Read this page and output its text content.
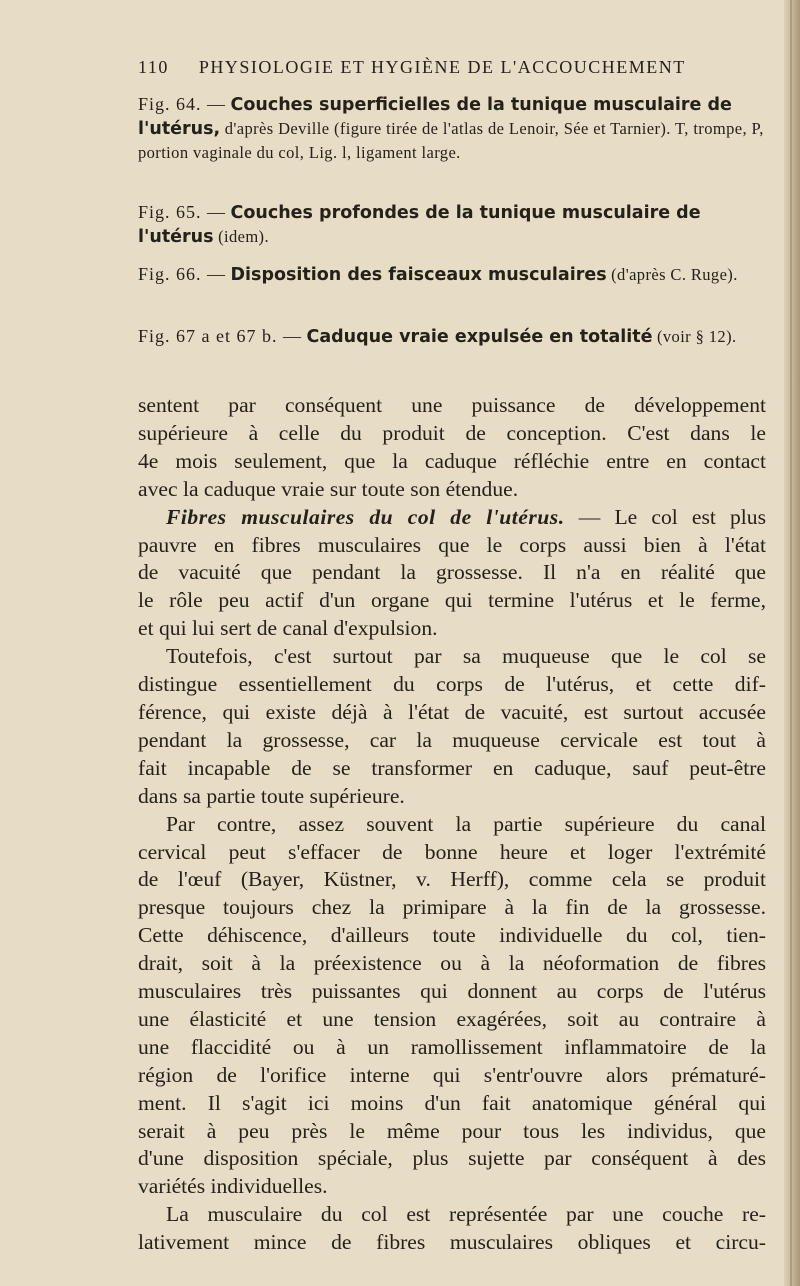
110 PHYSIOLOGIE ET HYGIÈNE DE L'ACCOUCHEMENT
Fig. 64. — Couches superficielles de la tunique musculaire de l'utérus, d'après Deville (figure tirée de l'atlas de Lenoir, Sée et Tarnier). T, trompe, P, portion vaginale du col, Lig. l, ligament large.
Fig. 65. — Couches profondes de la tunique musculaire de l'utérus (idem).
Fig. 66. — Disposition des faisceaux musculaires (d'après C. Ruge).
Fig. 67 a et 67 b. — Caduque vraie expulsée en totalité (voir § 12).
sentent par conséquent une puissance de développement
supérieure à celle du produit de conception. C'est dans le
4e mois seulement, que la caduque réfléchie entre en contact
avec la caduque vraie sur toute son étendue.
Fibres musculaires du col de l'utérus. — Le col est plus
pauvre en fibres musculaires que le corps aussi bien à l'état
de vacuité que pendant la grossesse. Il n'a en réalité que
le rôle peu actif d'un organe qui termine l'utérus et le ferme,
et qui lui sert de canal d'expulsion.
Toutefois, c'est surtout par sa muqueuse que le col se
distingue essentiellement du corps de l'utérus, et cette dif-
férence, qui existe déjà à l'état de vacuité, est surtout accusée
pendant la grossesse, car la muqueuse cervicale est tout à
fait incapable de se transformer en caduque, sauf peut-être
dans sa partie toute supérieure.
Par contre, assez souvent la partie supérieure du canal
cervical peut s'effacer de bonne heure et loger l'extrémité
de l'œuf (Bayer, Küstner, v. Herff), comme cela se produit
presque toujours chez la primipare à la fin de la grossesse.
Cette déhiscence, d'ailleurs toute individuelle du col, tien-
drait, soit à la préexistence ou à la néoformation de fibres
musculaires très puissantes qui donnent au corps de l'utérus
une élasticité et une tension exagérées, soit au contraire à
une flaccidité ou à un ramollissement inflammatoire de la
région de l'orifice interne qui s'entr'ouvre alors prématuré-
ment. Il s'agit ici moins d'un fait anatomique général qui
serait à peu près le même pour tous les individus, que
d'une disposition spéciale, plus sujette par conséquent à des
variétés individuelles.
La musculaire du col est représentée par une couche re-
lativement mince de fibres musculaires obliques et circu-
